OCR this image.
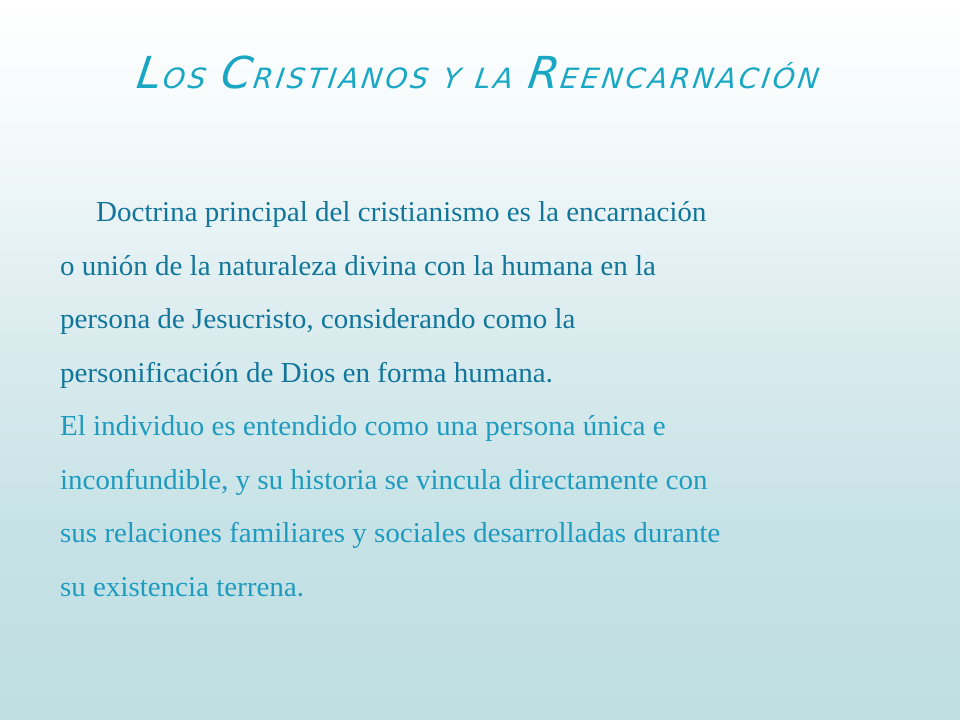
LOS CRISTIANOS Y LA REENCARNACIÓN
Doctrina principal del cristianismo es la encarnación
o unión de la naturaleza divina con la humana en la
persona de Jesucristo, considerando como la
personificación de Dios en forma humana.
El individuo es entendido como una persona única e
inconfundible, y su historia se vincula directamente con
sus relaciones familiares y sociales desarrolladas durante
su existencia terrena.
